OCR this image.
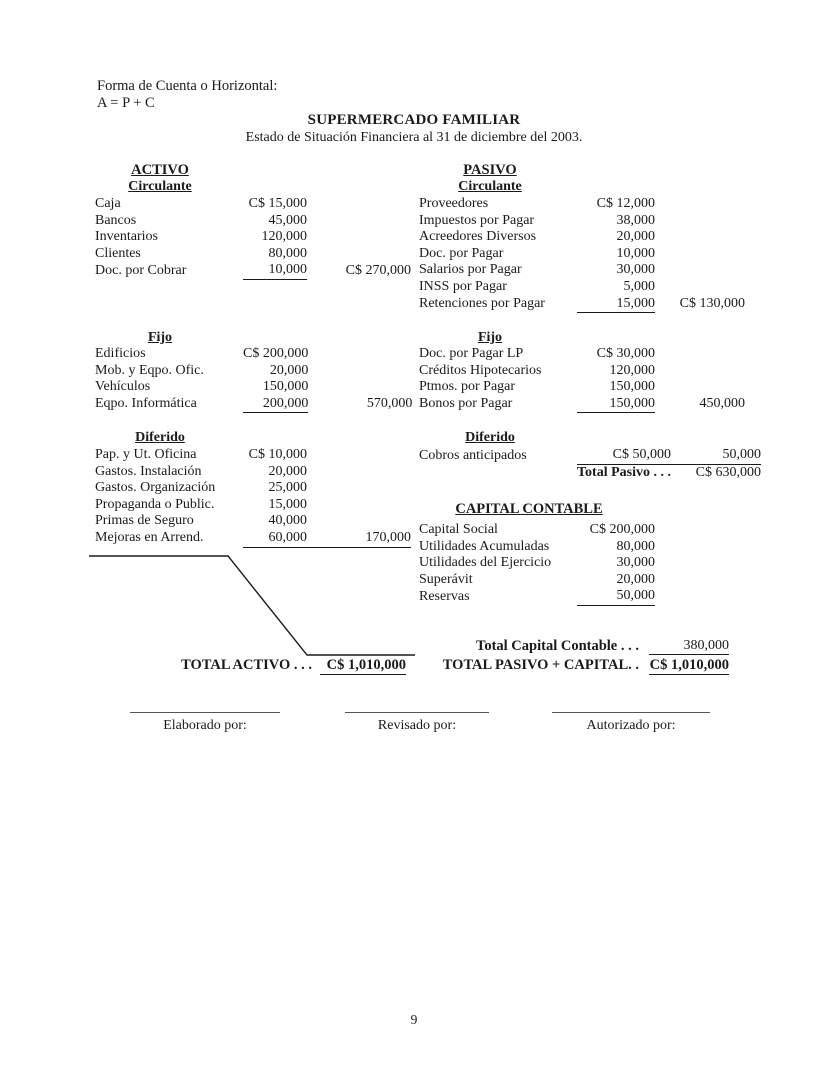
Forma de Cuenta o Horizontal:
A = P + C
SUPERMERCADO FAMILIAR
Estado de Situación Financiera al 31 de diciembre del 2003.
ACTIVO
Circulante
Caja	C$ 15,000	
Bancos	45,000	
Inventarios	120,000	
Clientes	80,000	
Doc. por Cobrar	10,000	C$ 270,000
Fijo
Edificios	C$ 200,000	
Mob. y Eqpo. Ofic.	20,000	
Vehículos	150,000	
Eqpo. Informática	200,000	570,000
Diferido
Pap. y Ut. Oficina	C$ 10,000	
Gastos. Instalación	20,000	
Gastos. Organización	25,000	
Propaganda o Public.	15,000	
Primas de Seguro	40,000	
Mejoras en Arrend.	60,000	170,000
PASIVO
Circulante
Proveedores	C$ 12,000	
Impuestos por Pagar	38,000	
Acreedores Diversos	20,000	
Doc. por Pagar	10,000	
Salarios por Pagar	30,000	
INSS por Pagar	5,000	
Retenciones por Pagar	15,000	C$ 130,000
Fijo
Doc. por Pagar LP	C$ 30,000	
Créditos Hipotecarios	120,000	
Ptmos. por Pagar	150,000	
Bonos por Pagar	150,000	450,000
Diferido
Cobros anticipados	C$ 50,000	50,000
	Total Pasivo . . .	C$ 630,000
CAPITAL CONTABLE
Capital Social	C$ 200,000	
Utilidades Acumuladas	80,000	
Utilidades del Ejercicio	30,000	
Superávit	20,000	
Reservas	50,000	
Total Capital Contable . . .	380,000
TOTAL ACTIVO . . .	C$ 1,010,000	TOTAL PASIVO + CAPITAL. . C$ 1,010,000
Elaborado por:	Revisado por:	Autorizado por:
9
